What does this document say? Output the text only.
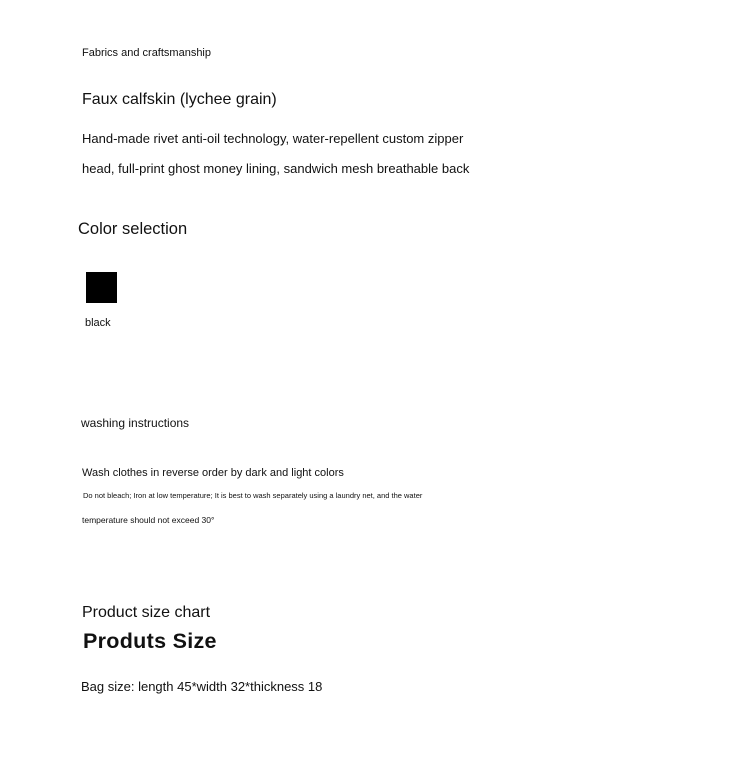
Fabrics and craftsmanship
Faux calfskin (lychee grain)
Hand-made rivet anti-oil technology, water-repellent custom zipper
head, full-print ghost money lining, sandwich mesh breathable back
Color selection
black
washing instructions
Wash clothes in reverse order by dark and light colors
Do not bleach; Iron at low temperature; It is best to wash separately using a laundry net, and the water
temperature should not exceed 30°
Product size chart
Produts Size
Bag size: length 45*width 32*thickness 18
